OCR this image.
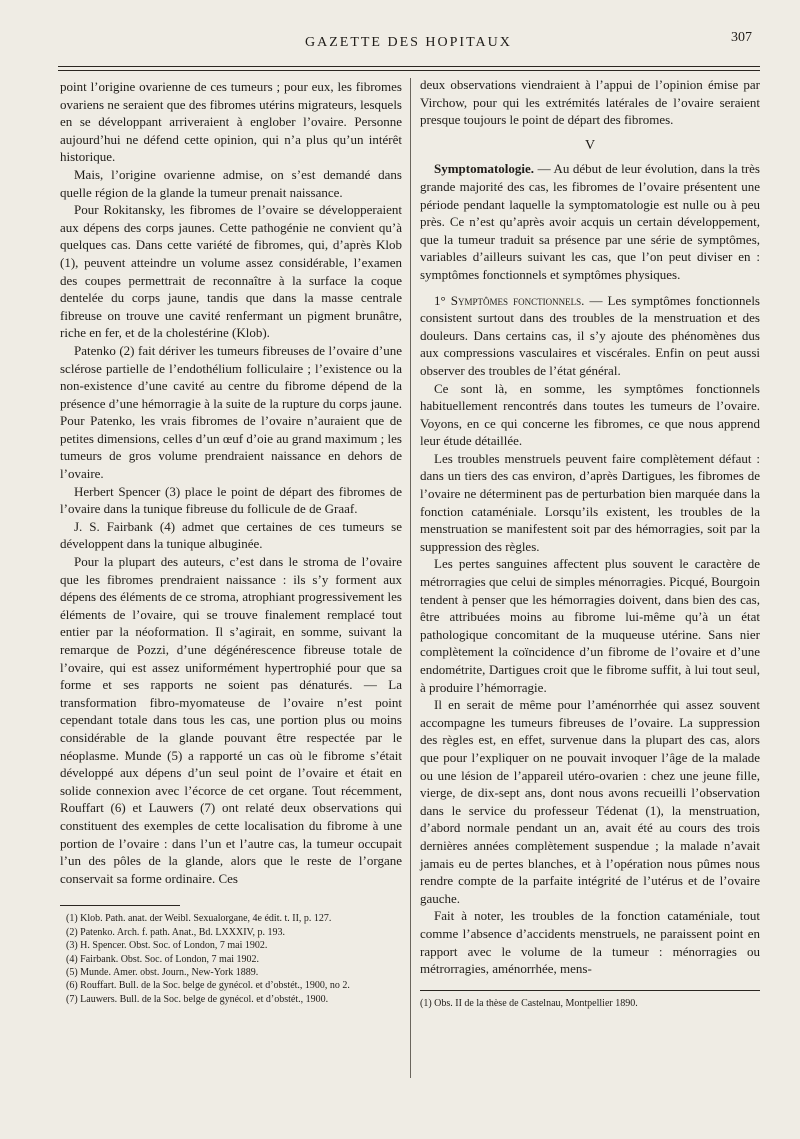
GAZETTE DES HOPITAUX	307

point l’origine ovarienne de ces tumeurs ; pour eux, les fibromes ovariens ne seraient que des fibromes utérins migrateurs, lesquels en se développant arriveraient à englober l’ovaire. Personne aujourd’hui ne défend cette opinion, qui n’a plus qu’un intérêt historique.

Mais, l’origine ovarienne admise, on s’est demandé dans quelle région de la glande la tumeur prenait naissance.

Pour Rokitansky, les fibromes de l’ovaire se développeraient aux dépens des corps jaunes. Cette pathogénie ne convient qu’à quelques cas. Dans cette variété de fibromes, qui, d’après Klob (1), peuvent atteindre un volume assez considérable, l’examen des coupes permettrait de reconnaître à la surface la coque dentelée du corps jaune, tandis que dans la masse centrale fibreuse on trouve une cavité renfermant un pigment brunâtre, riche en fer, et de la cholestérine (Klob).

Patenko (2) fait dériver les tumeurs fibreuses de l’ovaire d’une sclérose partielle de l’endothélium folliculaire ; l’existence ou la non-existence d’une cavité au centre du fibrome dépend de la présence d’une hémorragie à la suite de la rupture du corps jaune. Pour Patenko, les vrais fibromes de l’ovaire n’auraient que de petites dimensions, celles d’un œuf d’oie au grand maximum ; les tumeurs de gros volume prendraient naissance en dehors de l’ovaire.

Herbert Spencer (3) place le point de départ des fibromes de l’ovaire dans la tunique fibreuse du follicule de de Graaf.

J. S. Fairbank (4) admet que certaines de ces tumeurs se développent dans la tunique albuginée.

Pour la plupart des auteurs, c’est dans le stroma de l’ovaire que les fibromes prendraient naissance : ils s’y forment aux dépens des éléments de ce stroma, atrophiant progressivement les éléments de l’ovaire, qui se trouve finalement remplacé tout entier par la néoformation. Il s’agirait, en somme, suivant la remarque de Pozzi, d’une dégénérescence fibreuse totale de l’ovaire, qui est assez uniformément hypertrophié pour que sa forme et ses rapports ne soient pas dénaturés. — La transformation fibro-myomateuse de l’ovaire n’est point cependant totale dans tous les cas, une portion plus ou moins considérable de la glande pouvant être respectée par le néoplasme. Munde (5) a rapporté un cas où le fibrome s’était développé aux dépens d’un seul point de l’ovaire et était en solide connexion avec l’écorce de cet organe. Tout récemment, Rouffart (6) et Lauwers (7) ont relaté deux observations qui constituent des exemples de cette localisation du fibrome à une portion de l’ovaire : dans l’un et l’autre cas, la tumeur occupait l’un des pôles de la glande, alors que le reste de l’organe conservait sa forme ordinaire. Ces

(1) Klob. Path. anat. der Weibl. Sexualorgane, 4e édit. t. II, p. 127.
(2) Patenko. Arch. f. path. Anat., Bd. LXXXIV, p. 193.
(3) H. Spencer. Obst. Soc. of London, 7 mai 1902.
(4) Fairbank. Obst. Soc. of London, 7 mai 1902.
(5) Munde. Amer. obst. Journ., New-York 1889.
(6) Rouffart. Bull. de la Soc. belge de gynécol. et d’obstét., 1900, no 2.
(7) Lauwers. Bull. de la Soc. belge de gynécol. et d’obstét., 1900.

deux observations viendraient à l’appui de l’opinion émise par Virchow, pour qui les extrémités latérales de l’ovaire seraient presque toujours le point de départ des fibromes.

V

Symptomatologie. — Au début de leur évolution, dans la très grande majorité des cas, les fibromes de l’ovaire présentent une période pendant laquelle la symptomatologie est nulle ou à peu près. Ce n’est qu’après avoir acquis un certain développement, que la tumeur traduit sa présence par une série de symptômes, variables d’ailleurs suivant les cas, que l’on peut diviser en : symptômes fonctionnels et symptômes physiques.

1° Symptômes fonctionnels. — Les symptômes fonctionnels consistent surtout dans des troubles de la menstruation et des douleurs. Dans certains cas, il s’y ajoute des phénomènes dus aux compressions vasculaires et viscérales. Enfin on peut aussi observer des troubles de l’état général.

Ce sont là, en somme, les symptômes fonctionnels habituellement rencontrés dans toutes les tumeurs de l’ovaire. Voyons, en ce qui concerne les fibromes, ce que nous apprend leur étude détaillée.

Les troubles menstruels peuvent faire complètement défaut : dans un tiers des cas environ, d’après Dartigues, les fibromes de l’ovaire ne déterminent pas de perturbation bien marquée dans la fonction cataméniale. Lorsqu’ils existent, les troubles de la menstruation se manifestent soit par des hémorragies, soit par la suppression des règles.

Les pertes sanguines affectent plus souvent le caractère de métrorragies que celui de simples ménorragies. Picqué, Bourgoin tendent à penser que les hémorragies doivent, dans bien des cas, être attribuées moins au fibrome lui-même qu’à un état pathologique concomitant de la muqueuse utérine. Sans nier complètement la coïncidence d’un fibrome de l’ovaire et d’une endométrite, Dartigues croit que le fibrome suffit, à lui tout seul, à produire l’hémorragie.

Il en serait de même pour l’aménorrhée qui assez souvent accompagne les tumeurs fibreuses de l’ovaire. La suppression des règles est, en effet, survenue dans la plupart des cas, alors que pour l’expliquer on ne pouvait invoquer l’âge de la malade ou une lésion de l’appareil utéro-ovarien : chez une jeune fille, vierge, de dix-sept ans, dont nous avons recueilli l’observation dans le service du professeur Tédenat (1), la menstruation, d’abord normale pendant un an, avait été au cours des trois dernières années complètement suspendue ; la malade n’avait jamais eu de pertes blanches, et à l’opération nous pûmes nous rendre compte de la parfaite intégrité de l’utérus et de l’ovaire gauche.

Fait à noter, les troubles de la fonction cataméniale, tout comme l’absence d’accidents menstruels, ne paraissent point en rapport avec le volume de la tumeur : ménorragies ou métrorragies, aménorrhée, mens-

(1) Obs. II de la thèse de Castelnau, Montpellier 1890.
